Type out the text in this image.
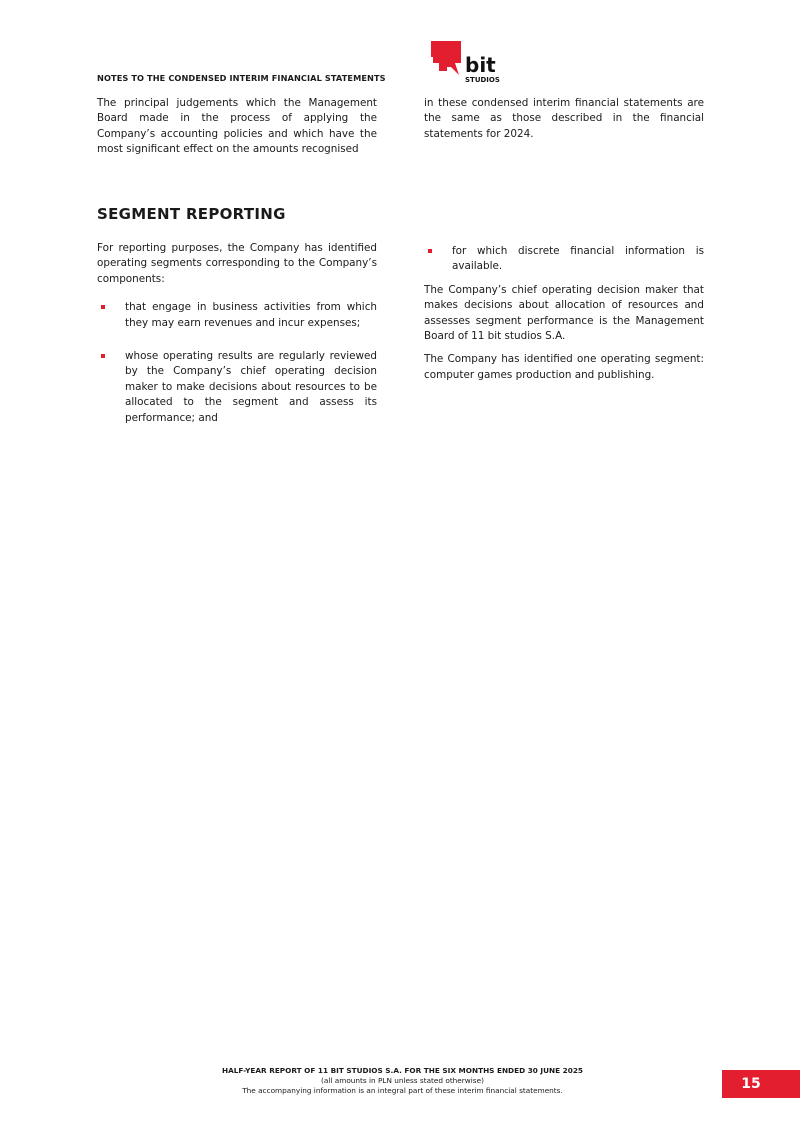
NOTES TO THE CONDENSED INTERIM FINANCIAL STATEMENTS
bit
STUDIOS
The principal judgements which the Management Board made in the process of applying the Company’s accounting policies and which have the most significant effect on the amounts recognised
in these condensed interim financial statements are the same as those described in the financial statements for 2024.
SEGMENT REPORTING

For reporting purposes, the Company has identified operating segments corresponding to the Company’s components:

that engage in business activities from which they may earn revenues and incur expenses;
whose operating results are regularly reviewed by the Company’s chief operating decision maker to make decisions about resources to be allocated to the segment and assess its performance; and
for which discrete financial information is available.

The Company’s chief operating decision maker that makes decisions about allocation of resources and assesses segment performance is the Management Board of 11 bit studios S.A.

The Company has identified one operating segment: computer games production and publishing.

HALF-YEAR REPORT OF 11 BIT STUDIOS S.A. FOR THE SIX MONTHS ENDED 30 JUNE 2025
(all amounts in PLN unless stated otherwise)
The accompanying information is an integral part of these interim financial statements.	15
